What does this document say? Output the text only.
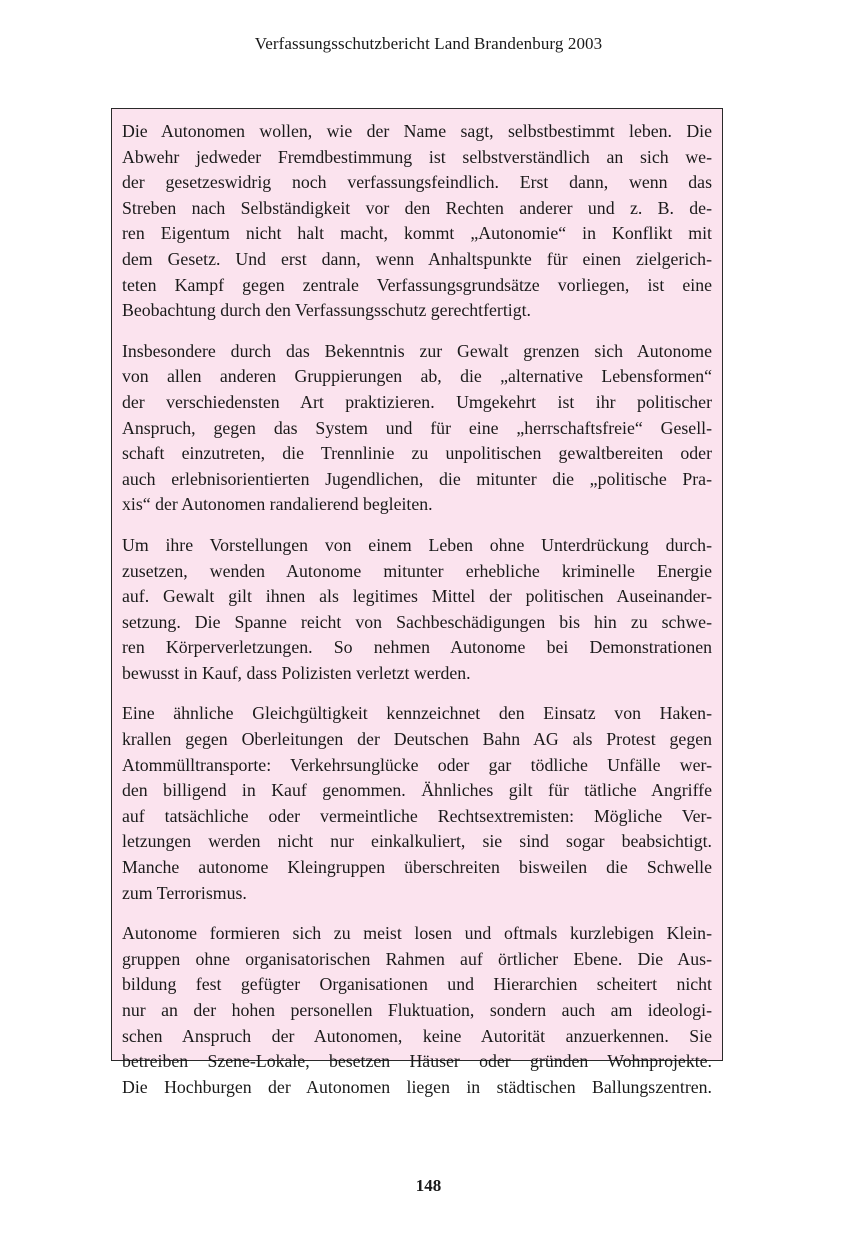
Verfassungsschutzbericht Land Brandenburg 2003
Die Autonomen wollen, wie der Name sagt, selbstbestimmt leben. Die
Abwehr jedweder Fremdbestimmung ist selbstverständlich an sich we-
der gesetzeswidrig noch verfassungsfeindlich. Erst dann, wenn das
Streben nach Selbständigkeit vor den Rechten anderer und z. B. de-
ren Eigentum nicht halt macht, kommt „Autonomie“ in Konflikt mit
dem Gesetz. Und erst dann, wenn Anhaltspunkte für einen zielgerich-
teten Kampf gegen zentrale Verfassungsgrundsätze vorliegen, ist eine
Beobachtung durch den Verfassungsschutz gerechtfertigt.
Insbesondere durch das Bekenntnis zur Gewalt grenzen sich Autonome
von allen anderen Gruppierungen ab, die „alternative Lebensformen“
der verschiedensten Art praktizieren. Umgekehrt ist ihr politischer
Anspruch, gegen das System und für eine „herrschaftsfreie“ Gesell-
schaft einzutreten, die Trennlinie zu unpolitischen gewaltbereiten oder
auch erlebnisorientierten Jugendlichen, die mitunter die „politische Pra-
xis“ der Autonomen randalierend begleiten.
Um ihre Vorstellungen von einem Leben ohne Unterdrückung durch-
zusetzen, wenden Autonome mitunter erhebliche kriminelle Energie
auf. Gewalt gilt ihnen als legitimes Mittel der politischen Auseinander-
setzung. Die Spanne reicht von Sachbeschädigungen bis hin zu schwe-
ren Körperverletzungen. So nehmen Autonome bei Demonstrationen
bewusst in Kauf, dass Polizisten verletzt werden.
Eine ähnliche Gleichgültigkeit kennzeichnet den Einsatz von Haken-
krallen gegen Oberleitungen der Deutschen Bahn AG als Protest gegen
Atommülltransporte: Verkehrsunglücke oder gar tödliche Unfälle wer-
den billigend in Kauf genommen. Ähnliches gilt für tätliche Angriffe
auf tatsächliche oder vermeintliche Rechtsextremisten: Mögliche Ver-
letzungen werden nicht nur einkalkuliert, sie sind sogar beabsichtigt.
Manche autonome Kleingruppen überschreiten bisweilen die Schwelle
zum Terrorismus.
Autonome formieren sich zu meist losen und oftmals kurzlebigen Klein-
gruppen ohne organisatorischen Rahmen auf örtlicher Ebene. Die Aus-
bildung fest gefügter Organisationen und Hierarchien scheitert nicht
nur an der hohen personellen Fluktuation, sondern auch am ideologi-
schen Anspruch der Autonomen, keine Autorität anzuerkennen. Sie
betreiben Szene-Lokale, besetzen Häuser oder gründen Wohnprojekte.
Die Hochburgen der Autonomen liegen in städtischen Ballungszentren.
148
